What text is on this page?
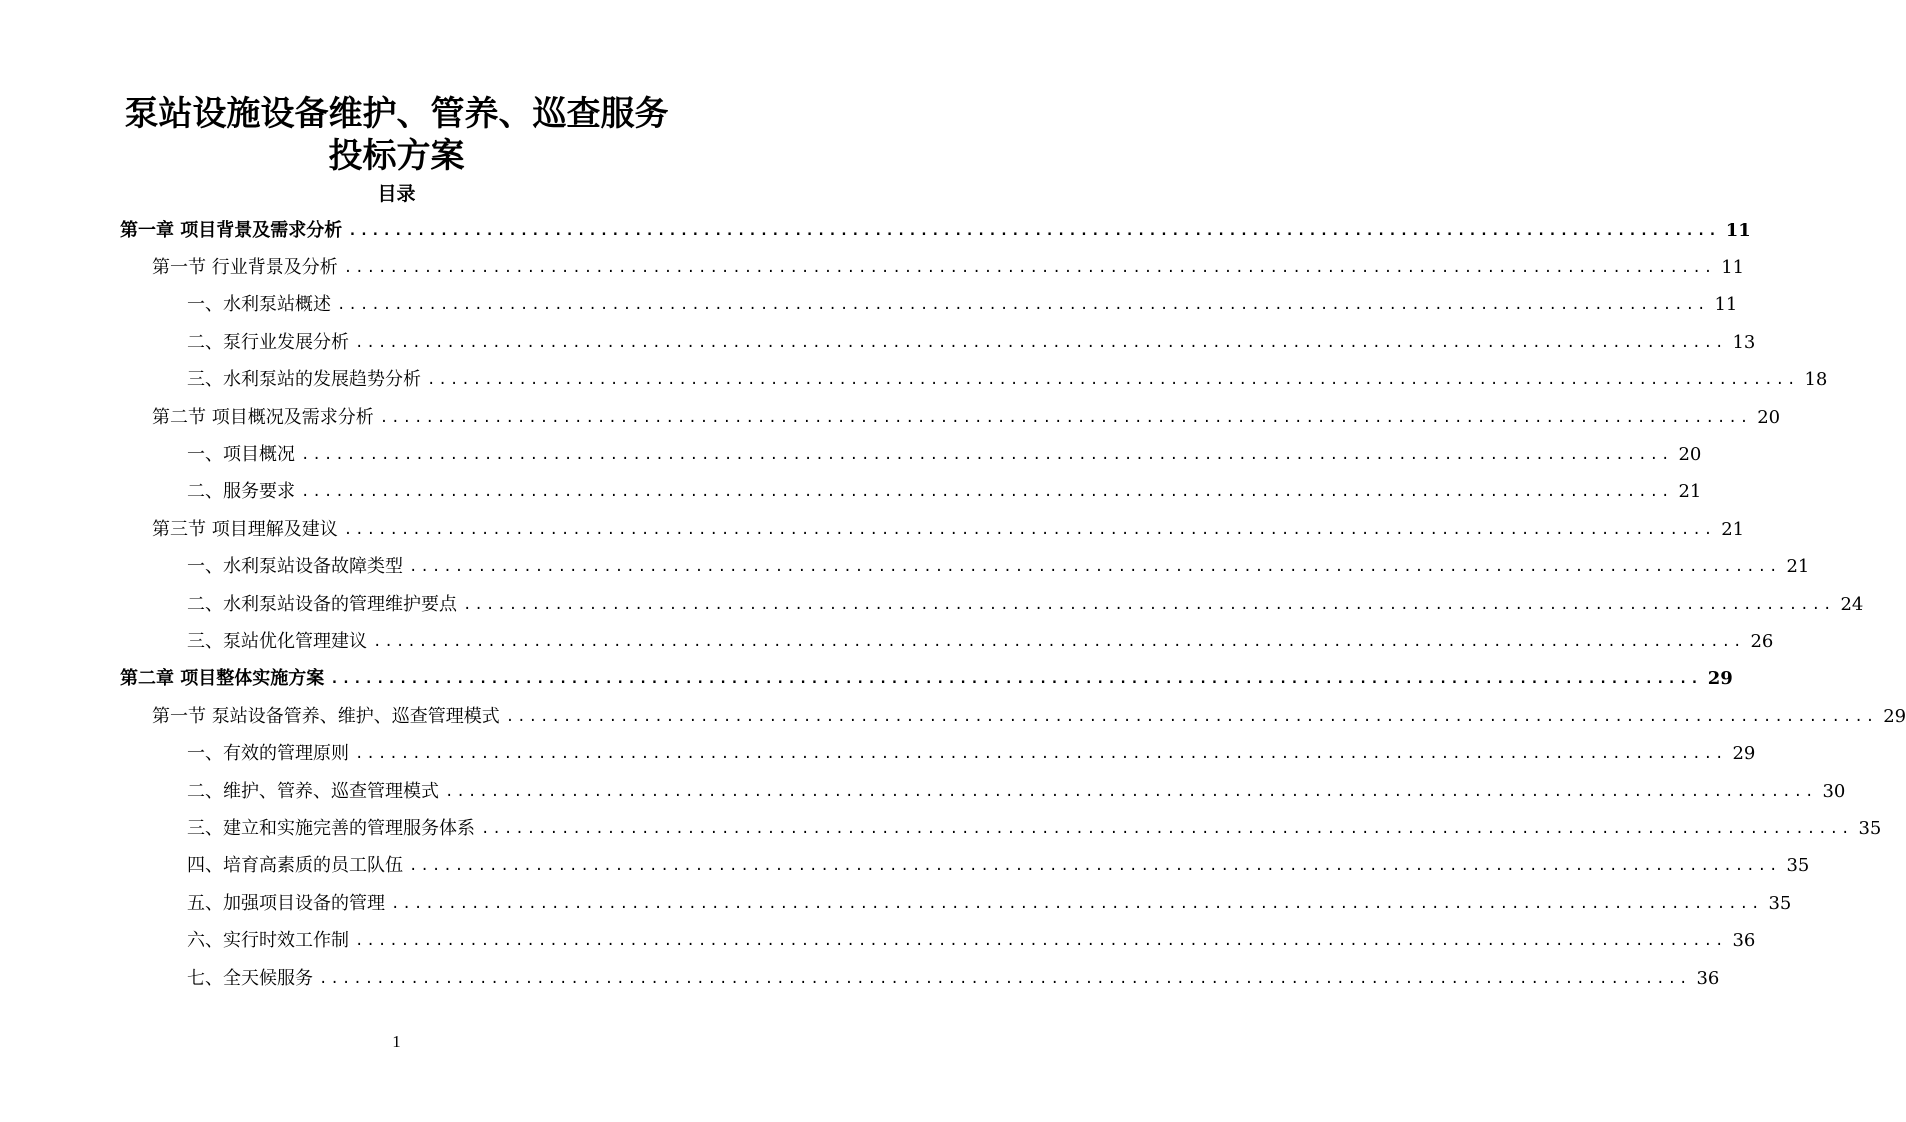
泵站设施设备维护、管养、巡查服务
投标方案
目录
第一章 项目背景及需求分析 ........................................................................................................................ 11
第一节 行业背景及分析 ........................................................................................................................ 11
一、水利泵站概述 ........................................................................................................................ 11
二、泵行业发展分析 ........................................................................................................................ 13
三、水利泵站的发展趋势分析 ........................................................................................................................ 18
第二节 项目概况及需求分析 ........................................................................................................................ 20
一、项目概况 ........................................................................................................................ 20
二、服务要求 ........................................................................................................................ 21
第三节 项目理解及建议 ........................................................................................................................ 21
一、水利泵站设备故障类型 ........................................................................................................................ 21
二、水利泵站设备的管理维护要点 ........................................................................................................................ 24
三、泵站优化管理建议 ........................................................................................................................ 26
第二章 项目整体实施方案 ........................................................................................................................ 29
第一节 泵站设备管养、维护、巡查管理模式 ........................................................................................................................ 29
一、有效的管理原则 ........................................................................................................................ 29
二、维护、管养、巡查管理模式 ........................................................................................................................ 30
三、建立和实施完善的管理服务体系 ........................................................................................................................ 35
四、培育高素质的员工队伍 ........................................................................................................................ 35
五、加强项目设备的管理 ........................................................................................................................ 35
六、实行时效工作制 ........................................................................................................................ 36
七、全天候服务 ........................................................................................................................ 36
1
